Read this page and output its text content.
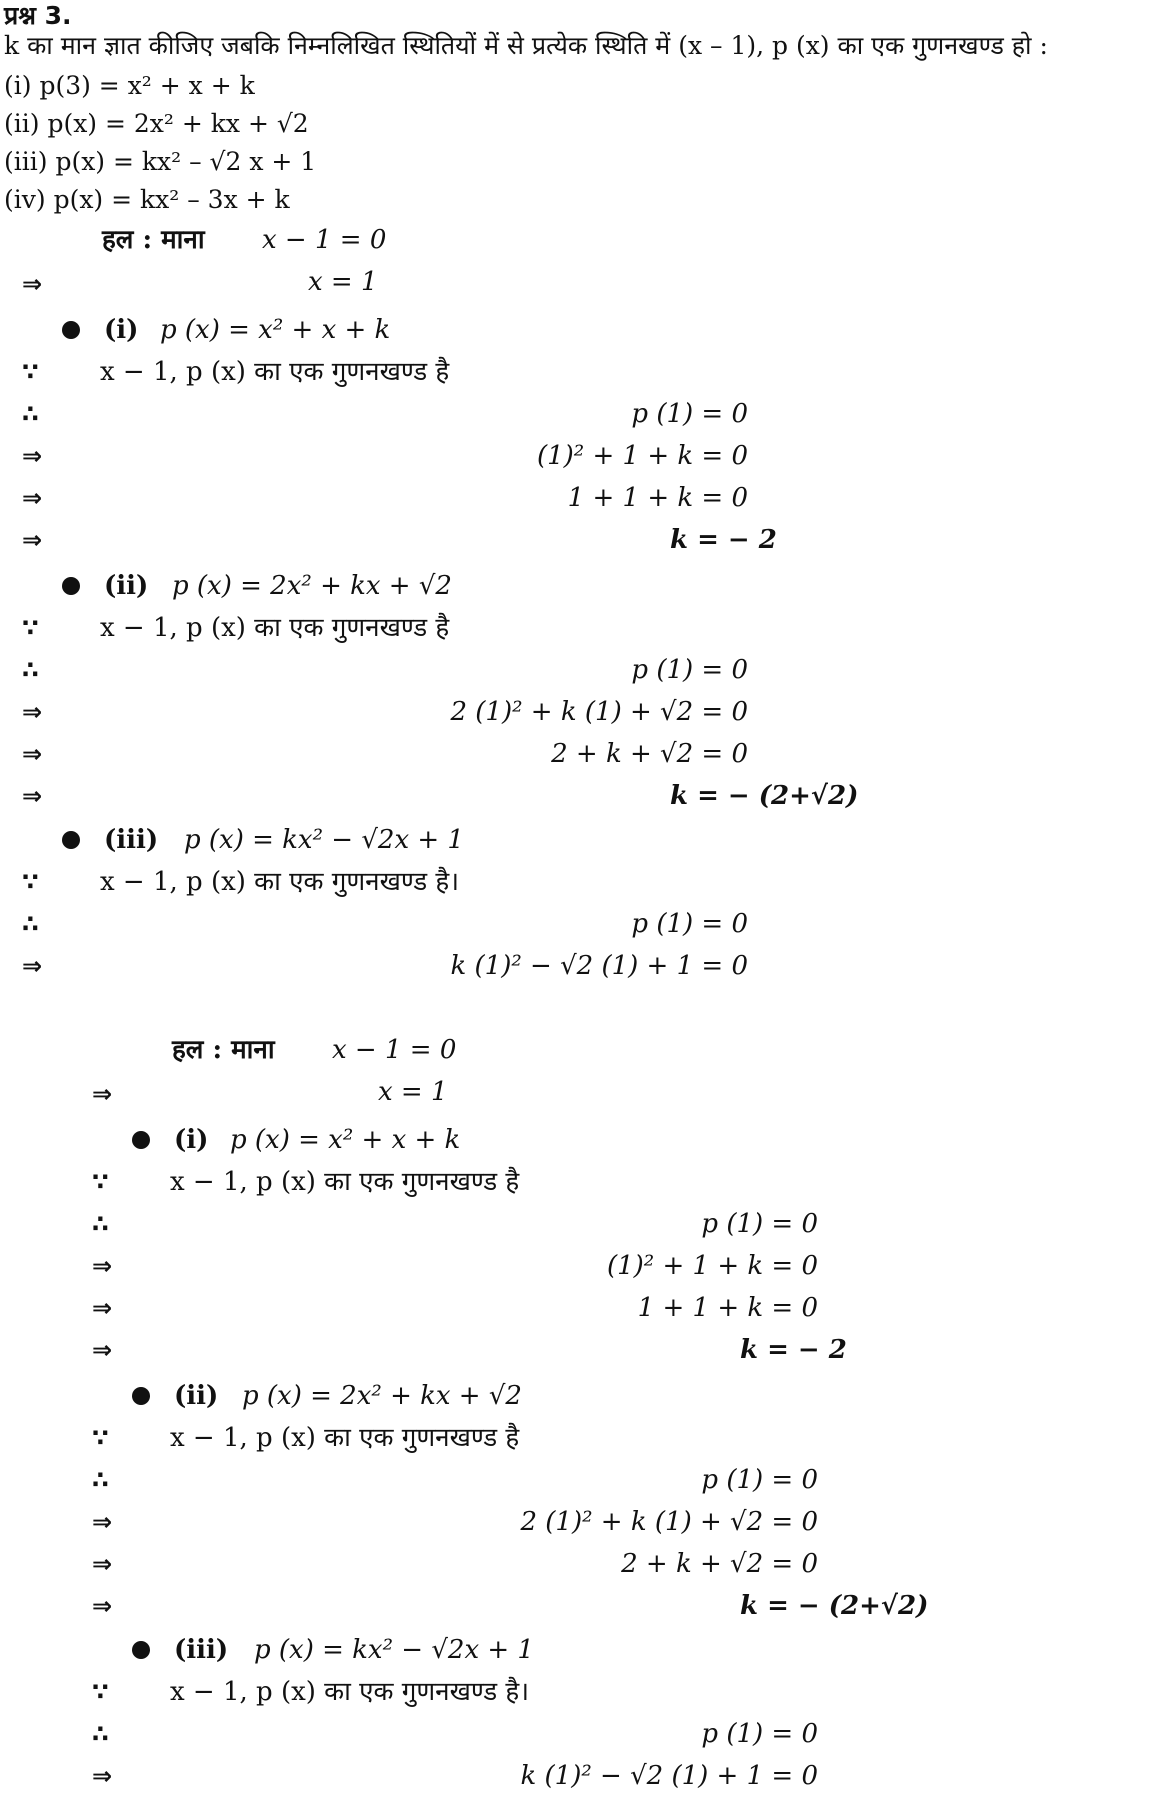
प्रश्न 3.
k का मान ज्ञात कीजिए जबकि निम्नलिखित स्थितियों में से प्रत्येक स्थिति में (x – 1), p (x) का एक गुणनखण्ड हो :
(i) p(3) = x² + x + k
(ii) p(x) = 2x² + kx + √2
(iii) p(x) = kx² – √2 x + 1
(iv) p(x) = kx² – 3x + k
हल : माना x − 1 = 0
⇒	x = 1
(i) p (x) = x² + x + k
∵ x − 1, p (x) का एक गुणनखण्ड है
∴	p (1) = 0
⇒	(1)² + 1 + k = 0
⇒	1 + 1 + k = 0
⇒	k = − 2
(ii) p (x) = 2x² + kx + √2
∵ x − 1, p (x) का एक गुणनखण्ड है
∴	p (1) = 0
⇒	2 (1)² + k (1) + √2 = 0
⇒	2 + k + √2 = 0
⇒	k = − (2+√2)
(iii) p (x) = kx² − √2x + 1
∵ x − 1, p (x) का एक गुणनखण्ड है।
∴	p (1) = 0
⇒	k (1)² − √2 (1) + 1 = 0
हल : माना x − 1 = 0
⇒	x = 1
(i) p (x) = x² + x + k
∵ x − 1, p (x) का एक गुणनखण्ड है
∴	p (1) = 0
⇒	(1)² + 1 + k = 0
⇒	1 + 1 + k = 0
⇒	k = − 2
(ii) p (x) = 2x² + kx + √2
∵ x − 1, p (x) का एक गुणनखण्ड है
∴	p (1) = 0
⇒	2 (1)² + k (1) + √2 = 0
⇒	2 + k + √2 = 0
⇒	k = − (2+√2)
(iii) p (x) = kx² − √2x + 1
∵ x − 1, p (x) का एक गुणनखण्ड है।
∴	p (1) = 0
⇒	k (1)² − √2 (1) + 1 = 0
